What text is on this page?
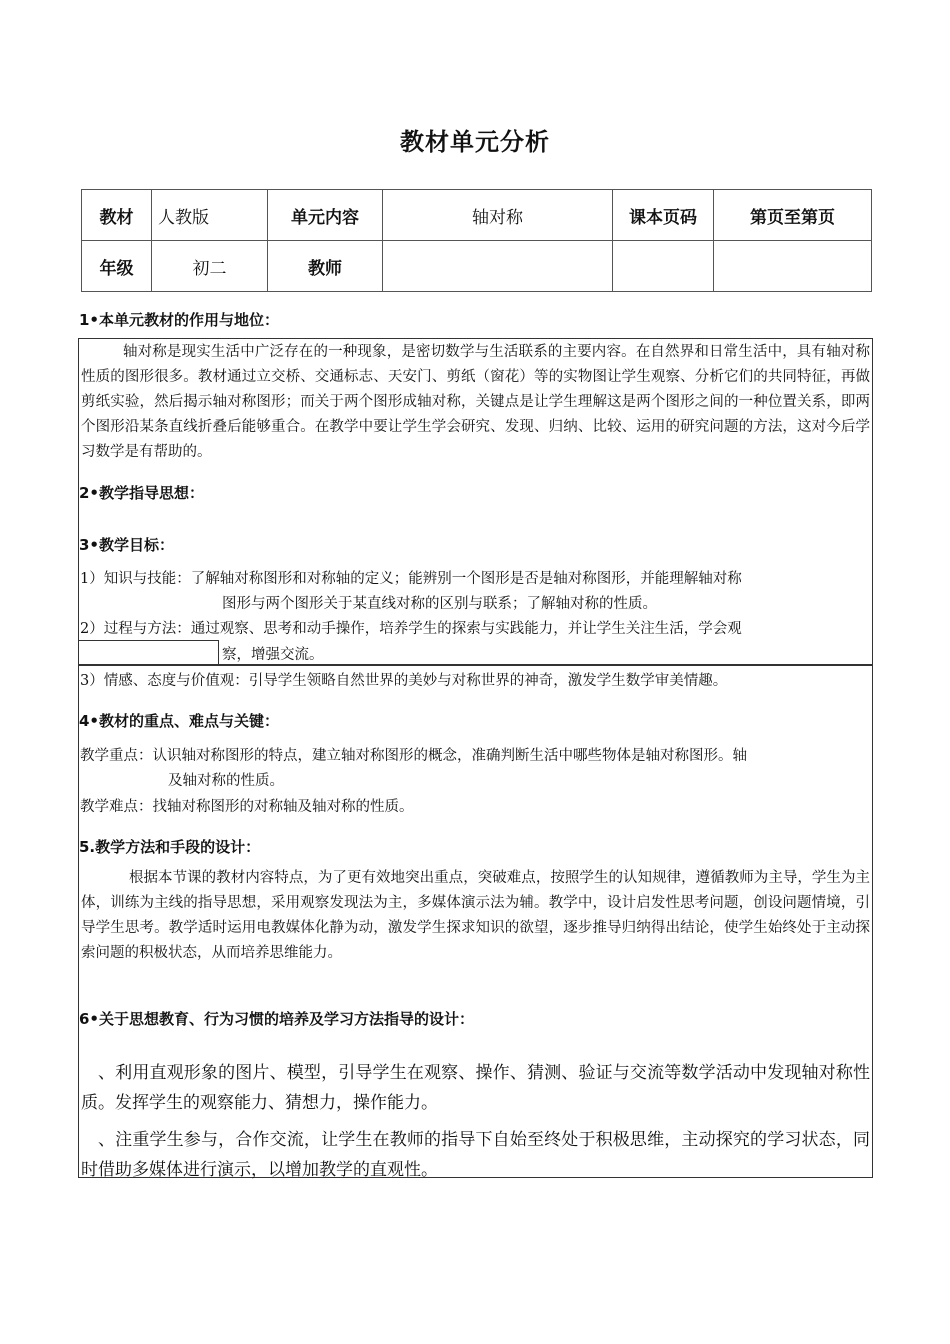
教材单元分析
教材	人教版	单元内容	轴对称	课本页码	第页至第页
年级	初二	教师			
1•本单元教材的作用与地位：
轴对称是现实生活中广泛存在的一种现象，是密切数学与生活联系的主要内容。在自然界和日常生活中，具有轴对称性质的图形很多。教材通过立交桥、交通标志、天安门、剪纸（窗花）等的实物图让学生观察、分析它们的共同特征，再做剪纸实验，然后揭示轴对称图形；而关于两个图形成轴对称，关键点是让学生理解这是两个图形之间的一种位置关系，即两个图形沿某条直线折叠后能够重合。在教学中要让学生学会研究、发现、归纳、比较、运用的研究问题的方法，这对今后学习数学是有帮助的。
2•教学指导思想：
3•教学目标：
1）知识与技能：了解轴对称图形和对称轴的定义；能辨别一个图形是否是轴对称图形，并能理解轴对称
图形与两个图形关于某直线对称的区别与联系；了解轴对称的性质。
2）过程与方法：通过观察、思考和动手操作，培养学生的探索与实践能力，并让学生关注生活，学会观
察，增强交流。
3）情感、态度与价值观：引导学生领略自然世界的美妙与对称世界的神奇，激发学生数学审美情趣。
4•教材的重点、难点与关键：
教学重点：认识轴对称图形的特点，建立轴对称图形的概念，准确判断生活中哪些物体是轴对称图形。轴
及轴对称的性质。
教学难点：找轴对称图形的对称轴及轴对称的性质。
5.教学方法和手段的设计：
根据本节课的教材内容特点，为了更有效地突出重点，突破难点，按照学生的认知规律，遵循教师为主导，学生为主体，训练为主线的指导思想，采用观察发现法为主，多媒体演示法为辅。教学中，设计启发性思考问题，创设问题情境，引导学生思考。教学适时运用电教媒体化静为动，激发学生探求知识的欲望，逐步推导归纳得出结论，使学生始终处于主动探索问题的积极状态，从而培养思维能力。
6•关于思想教育、行为习惯的培养及学习方法指导的设计：
、利用直观形象的图片、模型，引导学生在观察、操作、猜测、验证与交流等数学活动中发现轴对称性质。发挥学生的观察能力、猜想力，操作能力。
、注重学生参与，合作交流，让学生在教师的指导下自始至终处于积极思维，主动探究的学习状态，同时借助多媒体进行演示，以增加教学的直观性。
